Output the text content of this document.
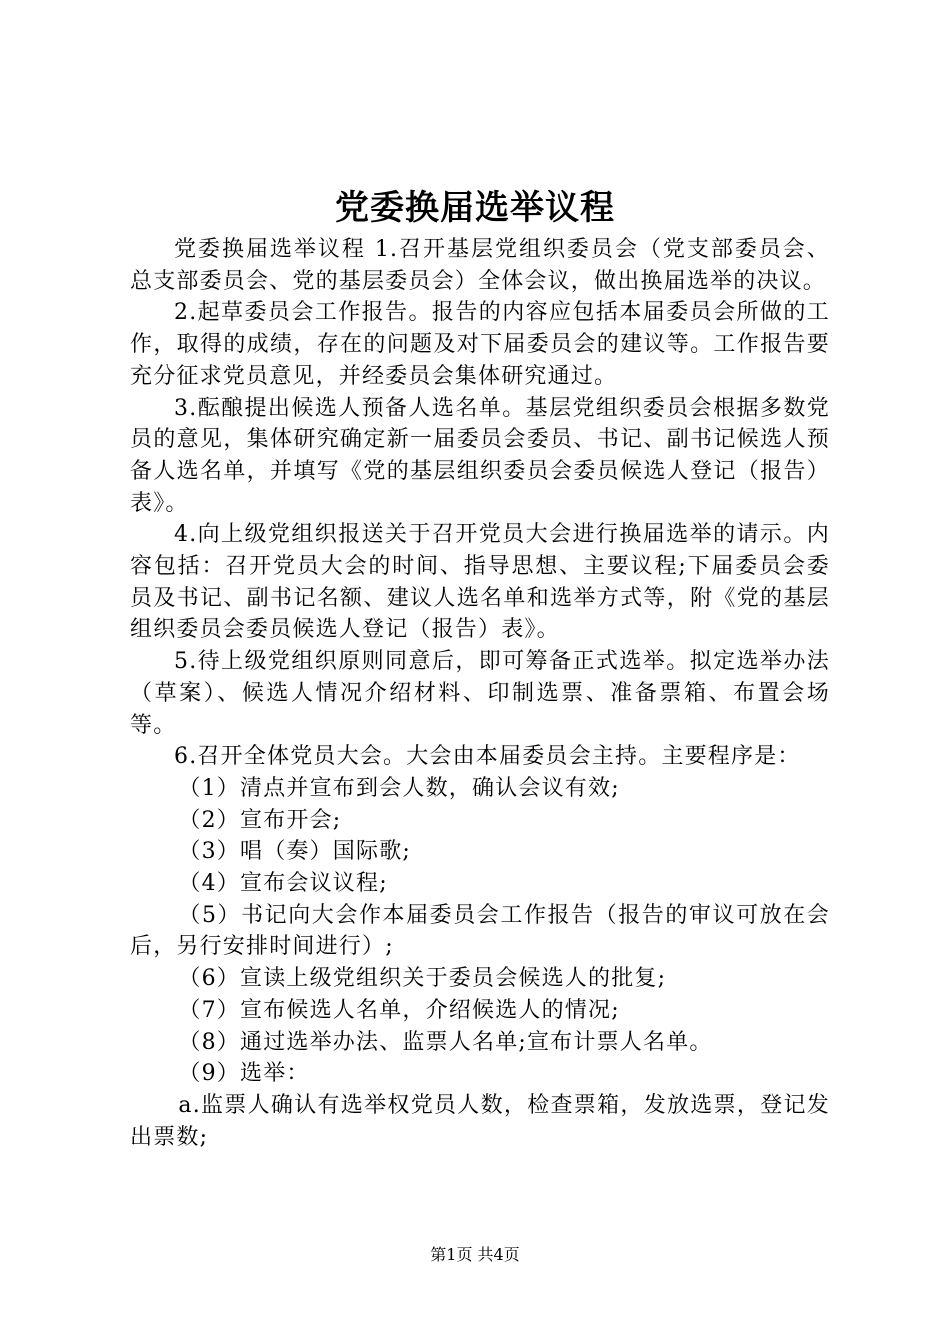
党委换届选举议程

党委换届选举议程 1.召开基层党组织委员会（党支部委员会、总支部委员会、党的基层委员会）全体会议，做出换届选举的决议。

2.起草委员会工作报告。报告的内容应包括本届委员会所做的工作，取得的成绩，存在的问题及对下届委员会的建议等。工作报告要充分征求党员意见，并经委员会集体研究通过。

3.酝酿提出候选人预备人选名单。基层党组织委员会根据多数党员的意见，集体研究确定新一届委员会委员、书记、副书记候选人预备人选名单，并填写《党的基层组织委员会委员候选人登记（报告）表》。

4.向上级党组织报送关于召开党员大会进行换届选举的请示。内容包括：召开党员大会的时间、指导思想、主要议程;下届委员会委员及书记、副书记名额、建议人选名单和选举方式等，附《党的基层组织委员会委员候选人登记（报告）表》。

5.待上级党组织原则同意后，即可筹备正式选举。拟定选举办法（草案）、候选人情况介绍材料、印制选票、准备票箱、布置会场等。

6.召开全体党员大会。大会由本届委员会主持。主要程序是：

（1）清点并宣布到会人数，确认会议有效;

（2）宣布开会;

（3）唱（奏）国际歌;

（4）宣布会议议程;

（5）书记向大会作本届委员会工作报告（报告的审议可放在会后，另行安排时间进行）;

（6）宣读上级党组织关于委员会候选人的批复;

（7）宣布候选人名单，介绍候选人的情况;

（8）通过选举办法、监票人名单;宣布计票人名单。

（9）选举：

a.监票人确认有选举权党员人数，检查票箱，发放选票，登记发出票数;

第1页 共4页
